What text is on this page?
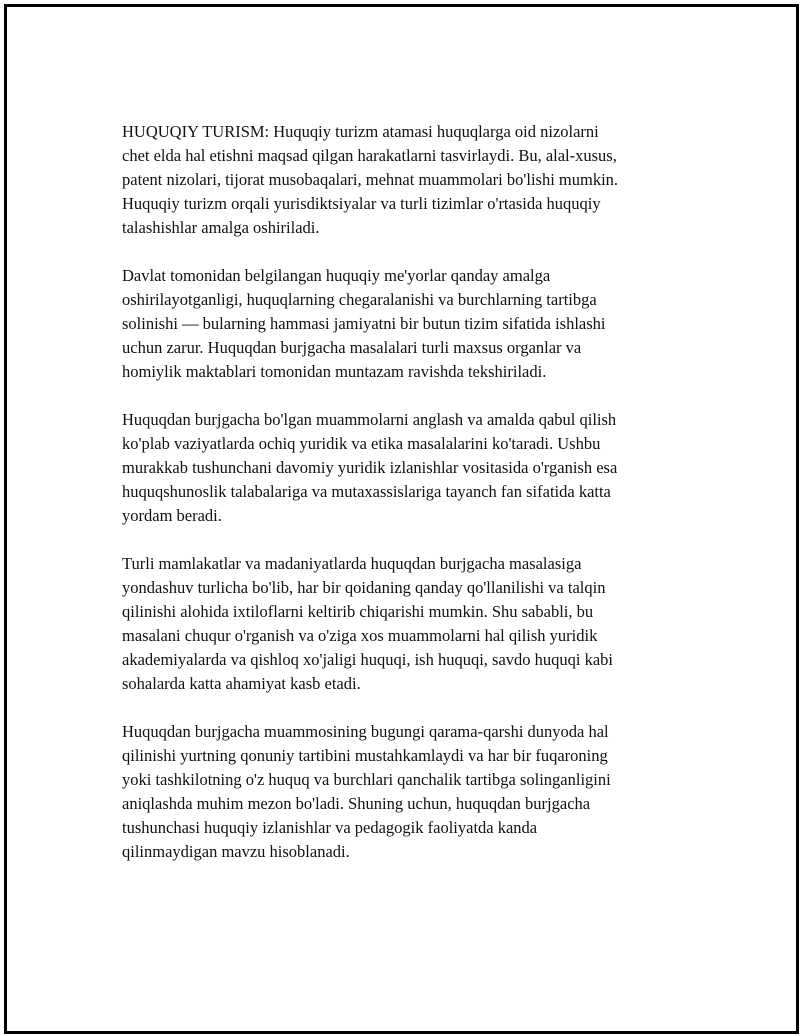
HUQUQIY TURISM: Huquqiy turizm atamasi huquqlarga oid nizolarni
chet elda hal etishni maqsad qilgan harakatlarni tasvirlaydi. Bu, alal-xusus,
patent nizolari, tijorat musobaqalari, mehnat muammolari bo'lishi mumkin.
Huquqiy turizm orqali yurisdiktsiyalar va turli tizimlar o'rtasida huquqiy
talashishlar amalga oshiriladi.

Davlat tomonidan belgilangan huquqiy me'yorlar qanday amalga
oshirilayotganligi, huquqlarning chegaralanishi va burchlarning tartibga
solinishi — bularning hammasi jamiyatni bir butun tizim sifatida ishlashi
uchun zarur. Huquqdan burjgacha masalalari turli maxsus organlar va
homiylik maktablari tomonidan muntazam ravishda tekshiriladi.

Huquqdan burjgacha bo'lgan muammolarni anglash va amalda qabul qilish
ko'plab vaziyatlarda ochiq yuridik va etika masalalarini ko'taradi. Ushbu
murakkab tushunchani davomiy yuridik izlanishlar vositasida o'rganish esa
huquqshunoslik talabalariga va mutaxassislariga tayanch fan sifatida katta
yordam beradi.

Turli mamlakatlar va madaniyatlarda huquqdan burjgacha masalasiga
yondashuv turlicha bo'lib, har bir qoidaning qanday qo'llanilishi va talqin
qilinishi alohida ixtiloflarni keltirib chiqarishi mumkin. Shu sababli, bu
masalani chuqur o'rganish va o'ziga xos muammolarni hal qilish yuridik
akademiyalarda va qishloq xo'jaligi huquqi, ish huquqi, savdo huquqi kabi
sohalarda katta ahamiyat kasb etadi.

Huquqdan burjgacha muammosining bugungi qarama-qarshi dunyoda hal
qilinishi yurtning qonuniy tartibini mustahkamlaydi va har bir fuqaroning
yoki tashkilotning o'z huquq va burchlari qanchalik tartibga solinganligini
aniqlashda muhim mezon bo'ladi. Shuning uchun, huquqdan burjgacha
tushunchasi huquqiy izlanishlar va pedagogik faoliyatda kanda
qilinmaydigan mavzu hisoblanadi.
